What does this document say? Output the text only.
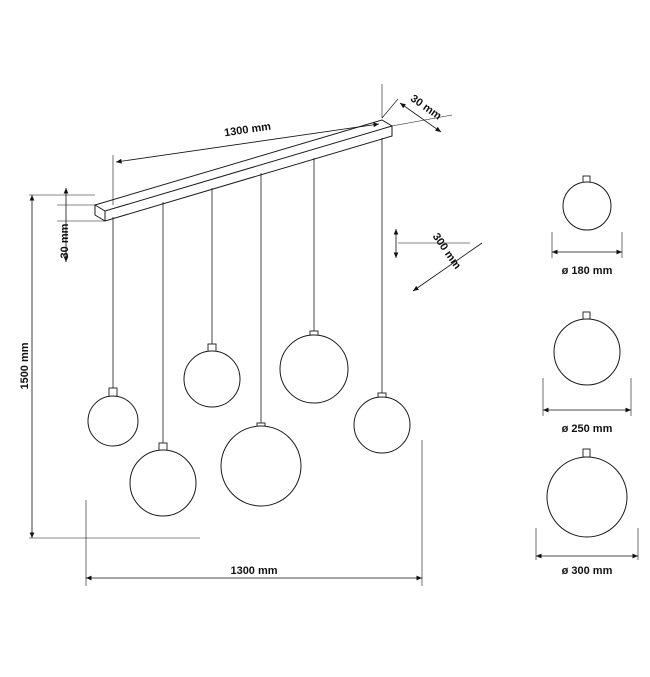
1300 mm
30 mm
30 mm	300 mm
1500 mm
1300 mm
ø 180 mm
ø 250 mm
ø 300 mm
